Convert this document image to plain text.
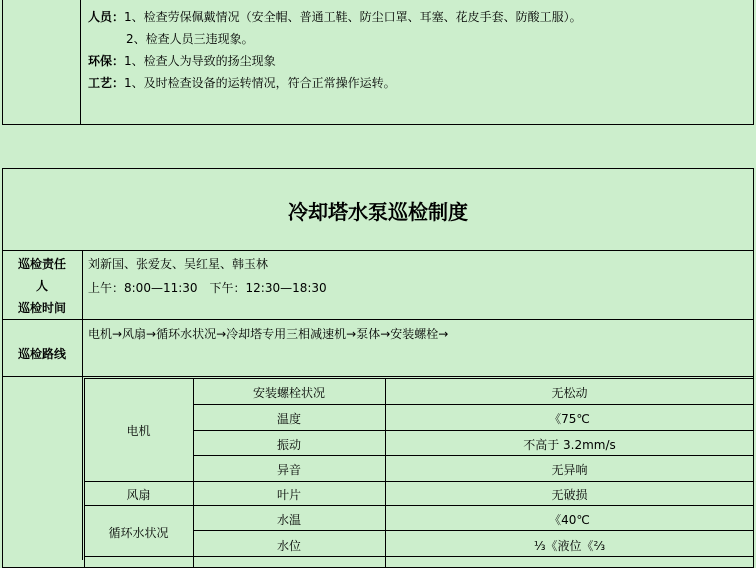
人员：1、检查劳保佩戴情况（安全帽、普通工鞋、防尘口罩、耳塞、花皮手套、防酸工服）。
2、检查人员三违现象。
环保：1、检查人为导致的扬尘现象
工艺：1、及时检查设备的运转情况，符合正常操作运转。
冷却塔水泵巡检制度
巡检责任
人
巡检时间
刘新国、张爱友、吴红星、韩玉林
上午：8:00—11:30　下午：12:30—18:30
巡检路线
电机→风扇→循环水状况→冷却塔专用三相减速机→泵体→安装螺栓→
电机
风扇
循环水状况
安装螺栓状况
温度
振动
异音
叶片
水温
水位
无松动
《75℃
不高于 3.2mm/s
无异响
无破损
《40℃
⅓《液位《⅔
